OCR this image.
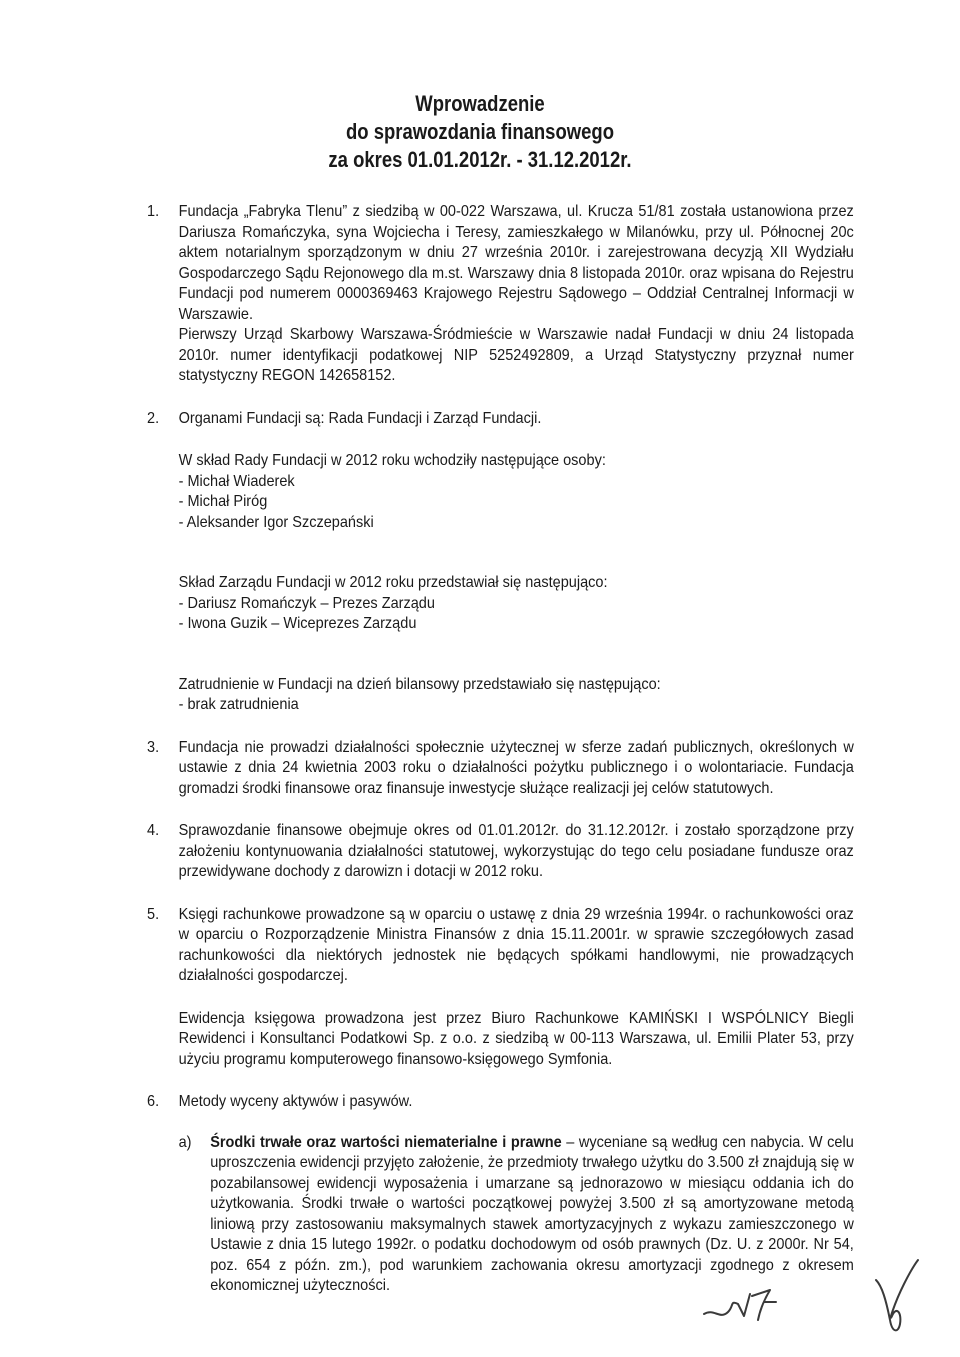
Wprowadzenie
do sprawozdania finansowego
za okres 01.01.2012r. - 31.12.2012r.
1. Fundacja „Fabryka Tlenu” z siedzibą w 00-022 Warszawa, ul. Krucza 51/81 została ustanowiona przez Dariusza Romańczyka, syna Wojciecha i Teresy, zamieszkałego w Milanówku, przy ul. Północnej 20c aktem notarialnym sporządzonym w dniu 27 września 2010r. i zarejestrowana decyzją XII Wydziału Gospodarczego Sądu Rejonowego dla m.st. Warszawy dnia 8 listopada 2010r. oraz wpisana do Rejestru Fundacji pod numerem 0000369463 Krajowego Rejestru Sądowego – Oddział Centralnej Informacji w Warszawie.

Pierwszy Urząd Skarbowy Warszawa-Śródmieście w Warszawie nadał Fundacji w dniu 24 listopada 2010r. numer identyfikacji podatkowej NIP 5252492809, a Urząd Statystyczny przyznał numer statystyczny REGON 142658152.

2. Organami Fundacji są: Rada Fundacji i Zarząd Fundacji.

W skład Rady Fundacji w 2012 roku wchodziły następujące osoby:

- Michał Wiaderek

- Michał Piróg

- Aleksander Igor Szczepański

Skład Zarządu Fundacji w 2012 roku przedstawiał się następująco:

- Dariusz Romańczyk – Prezes Zarządu

- Iwona Guzik – Wiceprezes Zarządu

Zatrudnienie w Fundacji na dzień bilansowy przedstawiało się następująco:

- brak zatrudnienia

3. Fundacja nie prowadzi działalności społecznie użytecznej w sferze zadań publicznych, określonych w ustawie z dnia 24 kwietnia 2003 roku o działalności pożytku publicznego i o wolontariacie. Fundacja gromadzi środki finansowe oraz finansuje inwestycje służące realizacji jej celów statutowych.

4. Sprawozdanie finansowe obejmuje okres od 01.01.2012r. do 31.12.2012r. i zostało sporządzone przy założeniu kontynuowania działalności statutowej, wykorzystując do tego celu posiadane fundusze oraz przewidywane dochody z darowizn i dotacji w 2012 roku.

5. Księgi rachunkowe prowadzone są w oparciu o ustawę z dnia 29 września 1994r. o rachunkowości oraz w oparciu o Rozporządzenie Ministra Finansów z dnia 15.11.2001r. w sprawie szczegółowych zasad rachunkowości dla niektórych jednostek nie będących spółkami handlowymi, nie prowadzących działalności gospodarczej.

Ewidencja księgowa prowadzona jest przez Biuro Rachunkowe KAMIŃSKI I WSPÓLNICY Biegli Rewidenci i Konsultanci Podatkowi Sp. z o.o. z siedzibą w 00-113 Warszawa, ul. Emilii Plater 53, przy użyciu programu komputerowego finansowo-księgowego Symfonia.

6. Metody wyceny aktywów i pasywów.

a) Środki trwałe oraz wartości niematerialne i prawne – wyceniane są według cen nabycia. W celu uproszczenia ewidencji przyjęto założenie, że przedmioty trwałego użytku do 3.500 zł znajdują się w pozabilansowej ewidencji wyposażenia i umarzane są jednorazowo w miesiącu oddania ich do użytkowania. Środki trwałe o wartości początkowej powyżej 3.500 zł są amortyzowane metodą liniową przy zastosowaniu maksymalnych stawek amortyzacyjnych z wykazu zamieszczonego w Ustawie z dnia 15 lutego 1992r. o podatku dochodowym od osób prawnych (Dz. U. z 2000r. Nr 54, poz. 654 z późn. zm.), pod warunkiem zachowania okresu amortyzacji zgodnego z okresem ekonomicznej użyteczności.
